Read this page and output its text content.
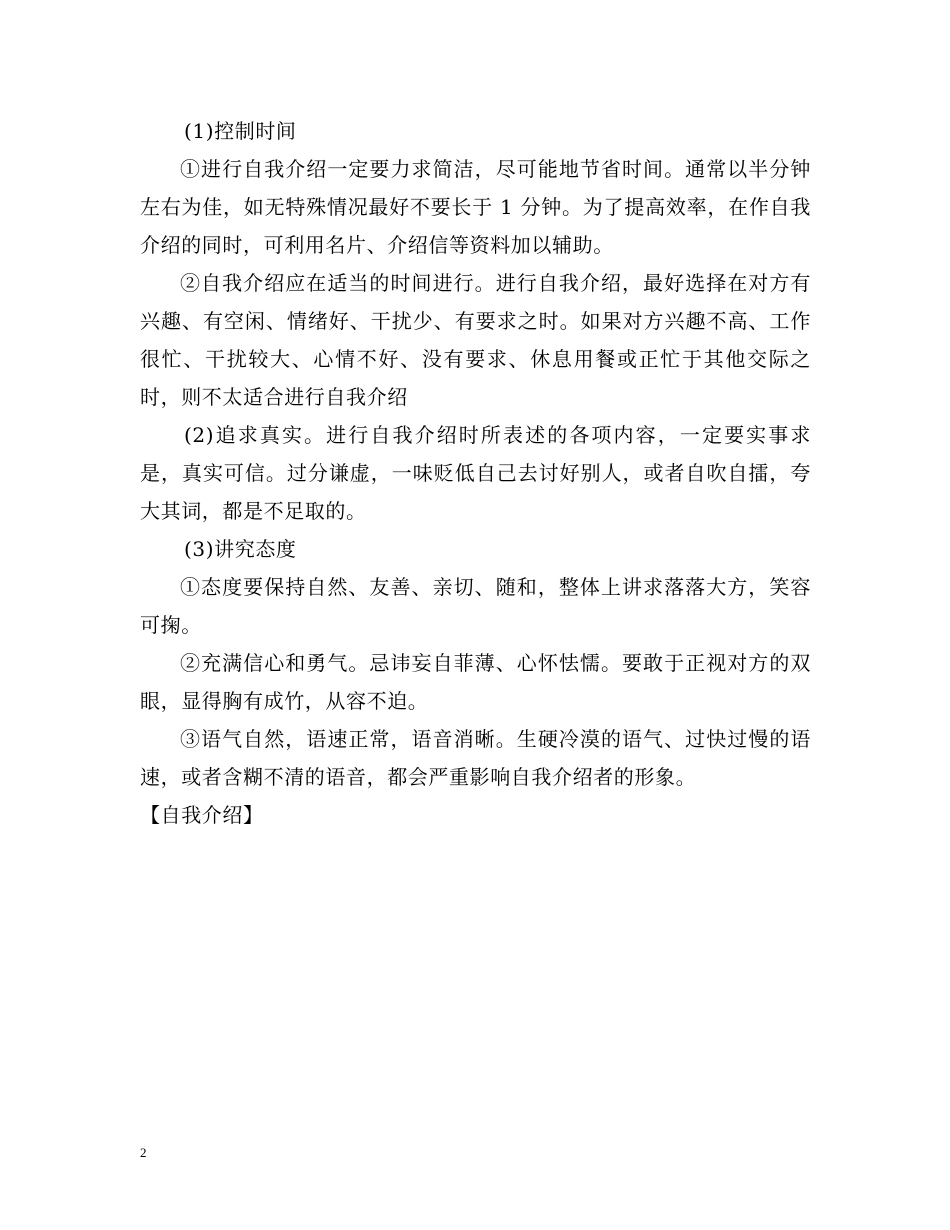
(1)控制时间

①进行自我介绍一定要力求简洁，尽可能地节省时间。通常以半分钟左右为佳，如无特殊情况最好不要长于 1 分钟。为了提高效率，在作自我介绍的同时，可利用名片、介绍信等资料加以辅助。

②自我介绍应在适当的时间进行。进行自我介绍，最好选择在对方有兴趣、有空闲、情绪好、干扰少、有要求之时。如果对方兴趣不高、工作很忙、干扰较大、心情不好、没有要求、休息用餐或正忙于其他交际之时，则不太适合进行自我介绍

(2)追求真实。进行自我介绍时所表述的各项内容，一定要实事求是，真实可信。过分谦虚，一味贬低自己去讨好别人，或者自吹自擂，夸大其词，都是不足取的。

(3)讲究态度

①态度要保持自然、友善、亲切、随和，整体上讲求落落大方，笑容可掬。

②充满信心和勇气。忌讳妄自菲薄、心怀怯懦。要敢于正视对方的双眼，显得胸有成竹，从容不迫。

③语气自然，语速正常，语音消晰。生硬冷漠的语气、过快过慢的语速，或者含糊不清的语音，都会严重影响自我介绍者的形象。

【自我介绍】

2
